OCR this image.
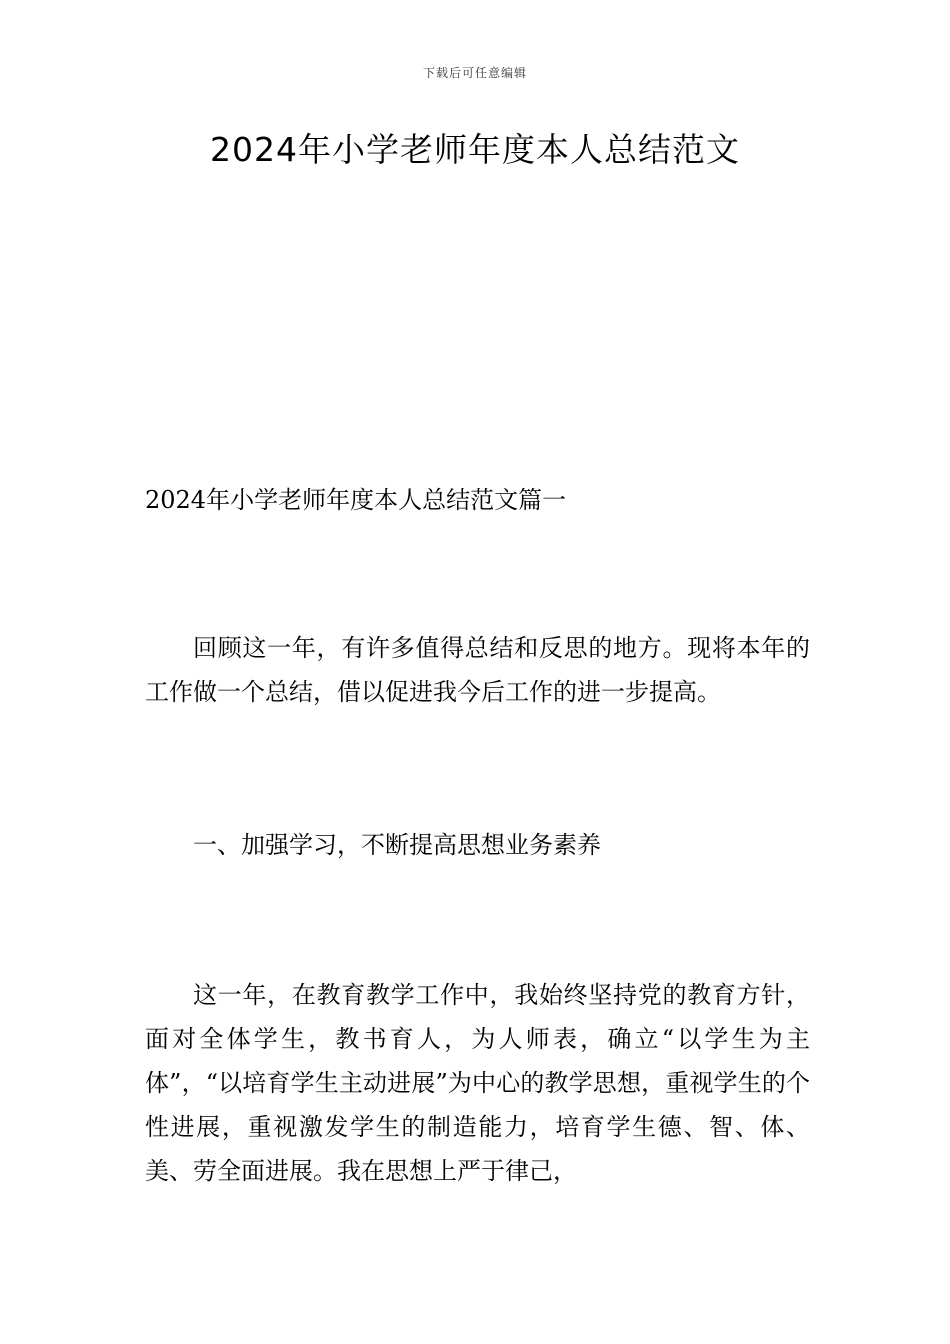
下载后可任意编辑
2024年小学老师年度本人总结范文

2024年小学老师年度本人总结范文篇一

回顾这一年，有许多值得总结和反思的地方。现将本年的工作做一个总结，借以促进我今后工作的进一步提高。

一、加强学习，不断提高思想业务素养

这一年，在教育教学工作中，我始终坚持党的教育方针，面对全体学生，教书育人，为人师表，确立“以学生为主体”，“以培育学生主动进展”为中心的教学思想，重视学生的个性进展，重视激发学生的制造能力，培育学生德、智、体、美、劳全面进展。我在思想上严于律己，
